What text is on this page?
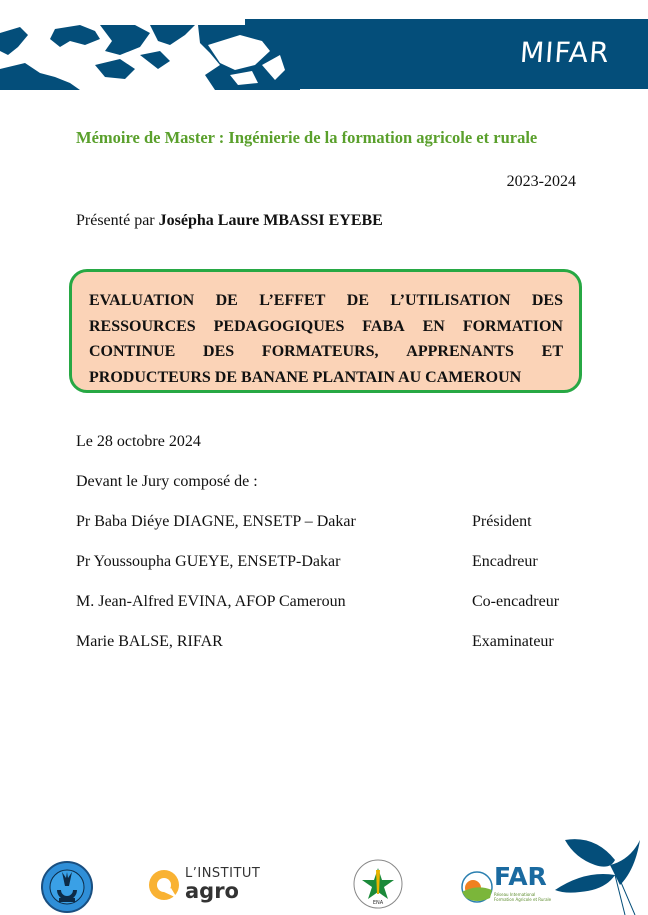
MIFAR
Mémoire de Master : Ingénierie de la formation agricole et rurale
2023-2024
Présenté par Josépha Laure MBASSI EYEBE
EVALUATION DE L’EFFET DE L’UTILISATION DES
RESSOURCES PEDAGOGIQUES FABA EN FORMATION
CONTINUE DES FORMATEURS, APPRENANTS ET
PRODUCTEURS DE BANANE PLANTAIN AU CAMEROUN
Le 28 octobre 2024
Devant le Jury composé de :
Pr Baba Diéye DIAGNE, ENSETP – Dakar	Président
Pr Youssoupha GUEYE, ENSETP-Dakar	Encadreur
M. Jean-Alfred EVINA, AFOP Cameroun	Co-encadreur
Marie BALSE, RIFAR	Examinateur
L’INSTITUT
agro	ENA
FAR
Réseau International Formation Agricole et Rurale
